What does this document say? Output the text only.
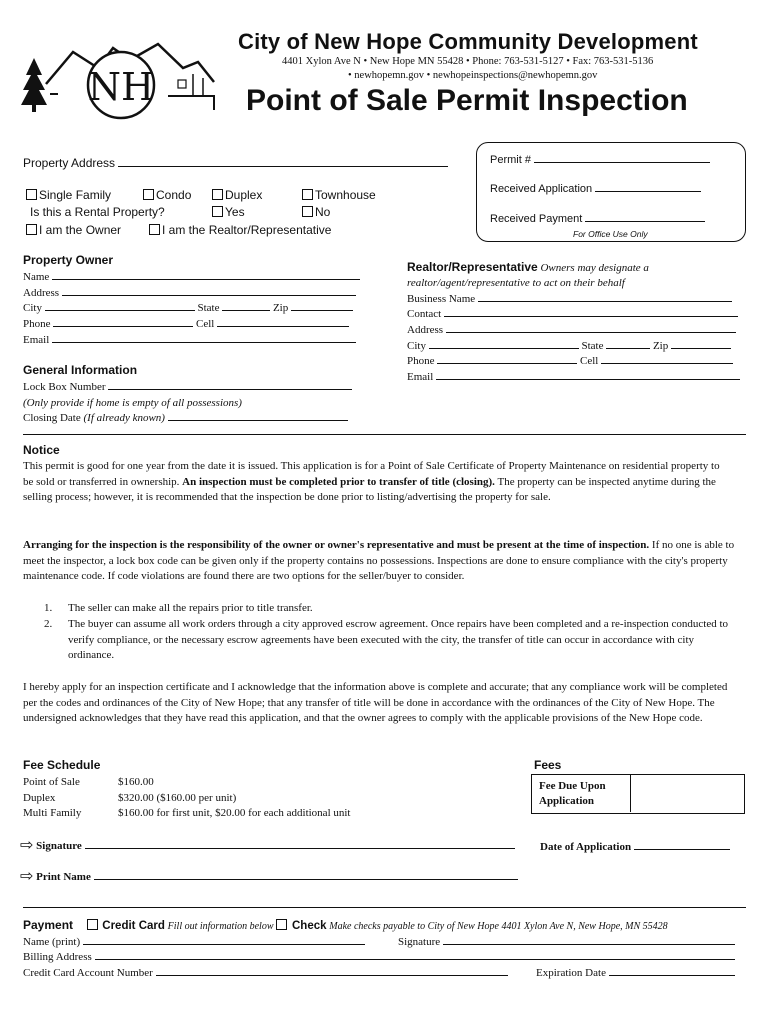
NH
City of New Hope Community Development
4401 Xylon Ave N • New Hope MN 55428 • Phone: 763-531-5127 • Fax: 763-531-5136
• newhopemn.gov • newhopeinspections@newhopemn.gov
Point of Sale Permit Inspection
Property Address
Single Family	Condo	Duplex	Townhouse
Is this a Rental Property?	Yes	No
I am the Owner	I am the Realtor/Representative
Permit #
Received Application
Received Payment
For Office Use Only
Property Owner
Name
Address
City	State	Zip
Phone	Cell
Email
Realtor/Representative Owners may designate a
realtor/agent/representative to act on their behalf
Business Name
Contact
Address
City	State	Zip
Phone	Cell
Email
General Information
Lock Box Number
(Only provide if home is empty of all possessions)
Closing Date (If already known)
Notice
This permit is good for one year from the date it is issued. This application is for a Point of Sale Certificate of Property Maintenance on residential property to be sold or transferred in ownership. An inspection must be completed prior to transfer of title (closing). The property can be inspected anytime during the selling process; however, it is recommended that the inspection be done prior to listing/advertising the property for sale.
Arranging for the inspection is the responsibility of the owner or owner's representative and must be present at the time of inspection. If no one is able to meet the inspector, a lock box code can be given only if the property contains no possessions. Inspections are done to ensure compliance with the city's property maintenance code. If code violations are found there are two options for the seller/buyer to consider.
1.	The seller can make all the repairs prior to title transfer.
2.	The buyer can assume all work orders through a city approved escrow agreement. Once repairs have been completed and a re-inspection conducted to verify compliance, or the necessary escrow agreements have been executed with the city, the transfer of title can occur in accordance with city ordinance.
I hereby apply for an inspection certificate and I acknowledge that the information above is complete and accurate; that any compliance work will be completed per the codes and ordinances of the City of New Hope; that any transfer of title will be done in accordance with the ordinances of the City of New Hope. The undersigned acknowledges that they have read this application, and that the owner agrees to comply with the applicable provisions of the New Hope code.
Fee Schedule
Point of Sale	$160.00
Duplex	$320.00 ($160.00 per unit)
Multi Family	$160.00 for first unit, $20.00 for each additional unit
Fees
Fee Due Upon Application
⇨ Signature	Date of Application
⇨ Print Name
Payment	Credit Card Fill out information below Check Make checks payable to City of New Hope 4401 Xylon Ave N, New Hope, MN 55428
Name (print)	Signature
Billing Address
Credit Card Account Number	Expiration Date
